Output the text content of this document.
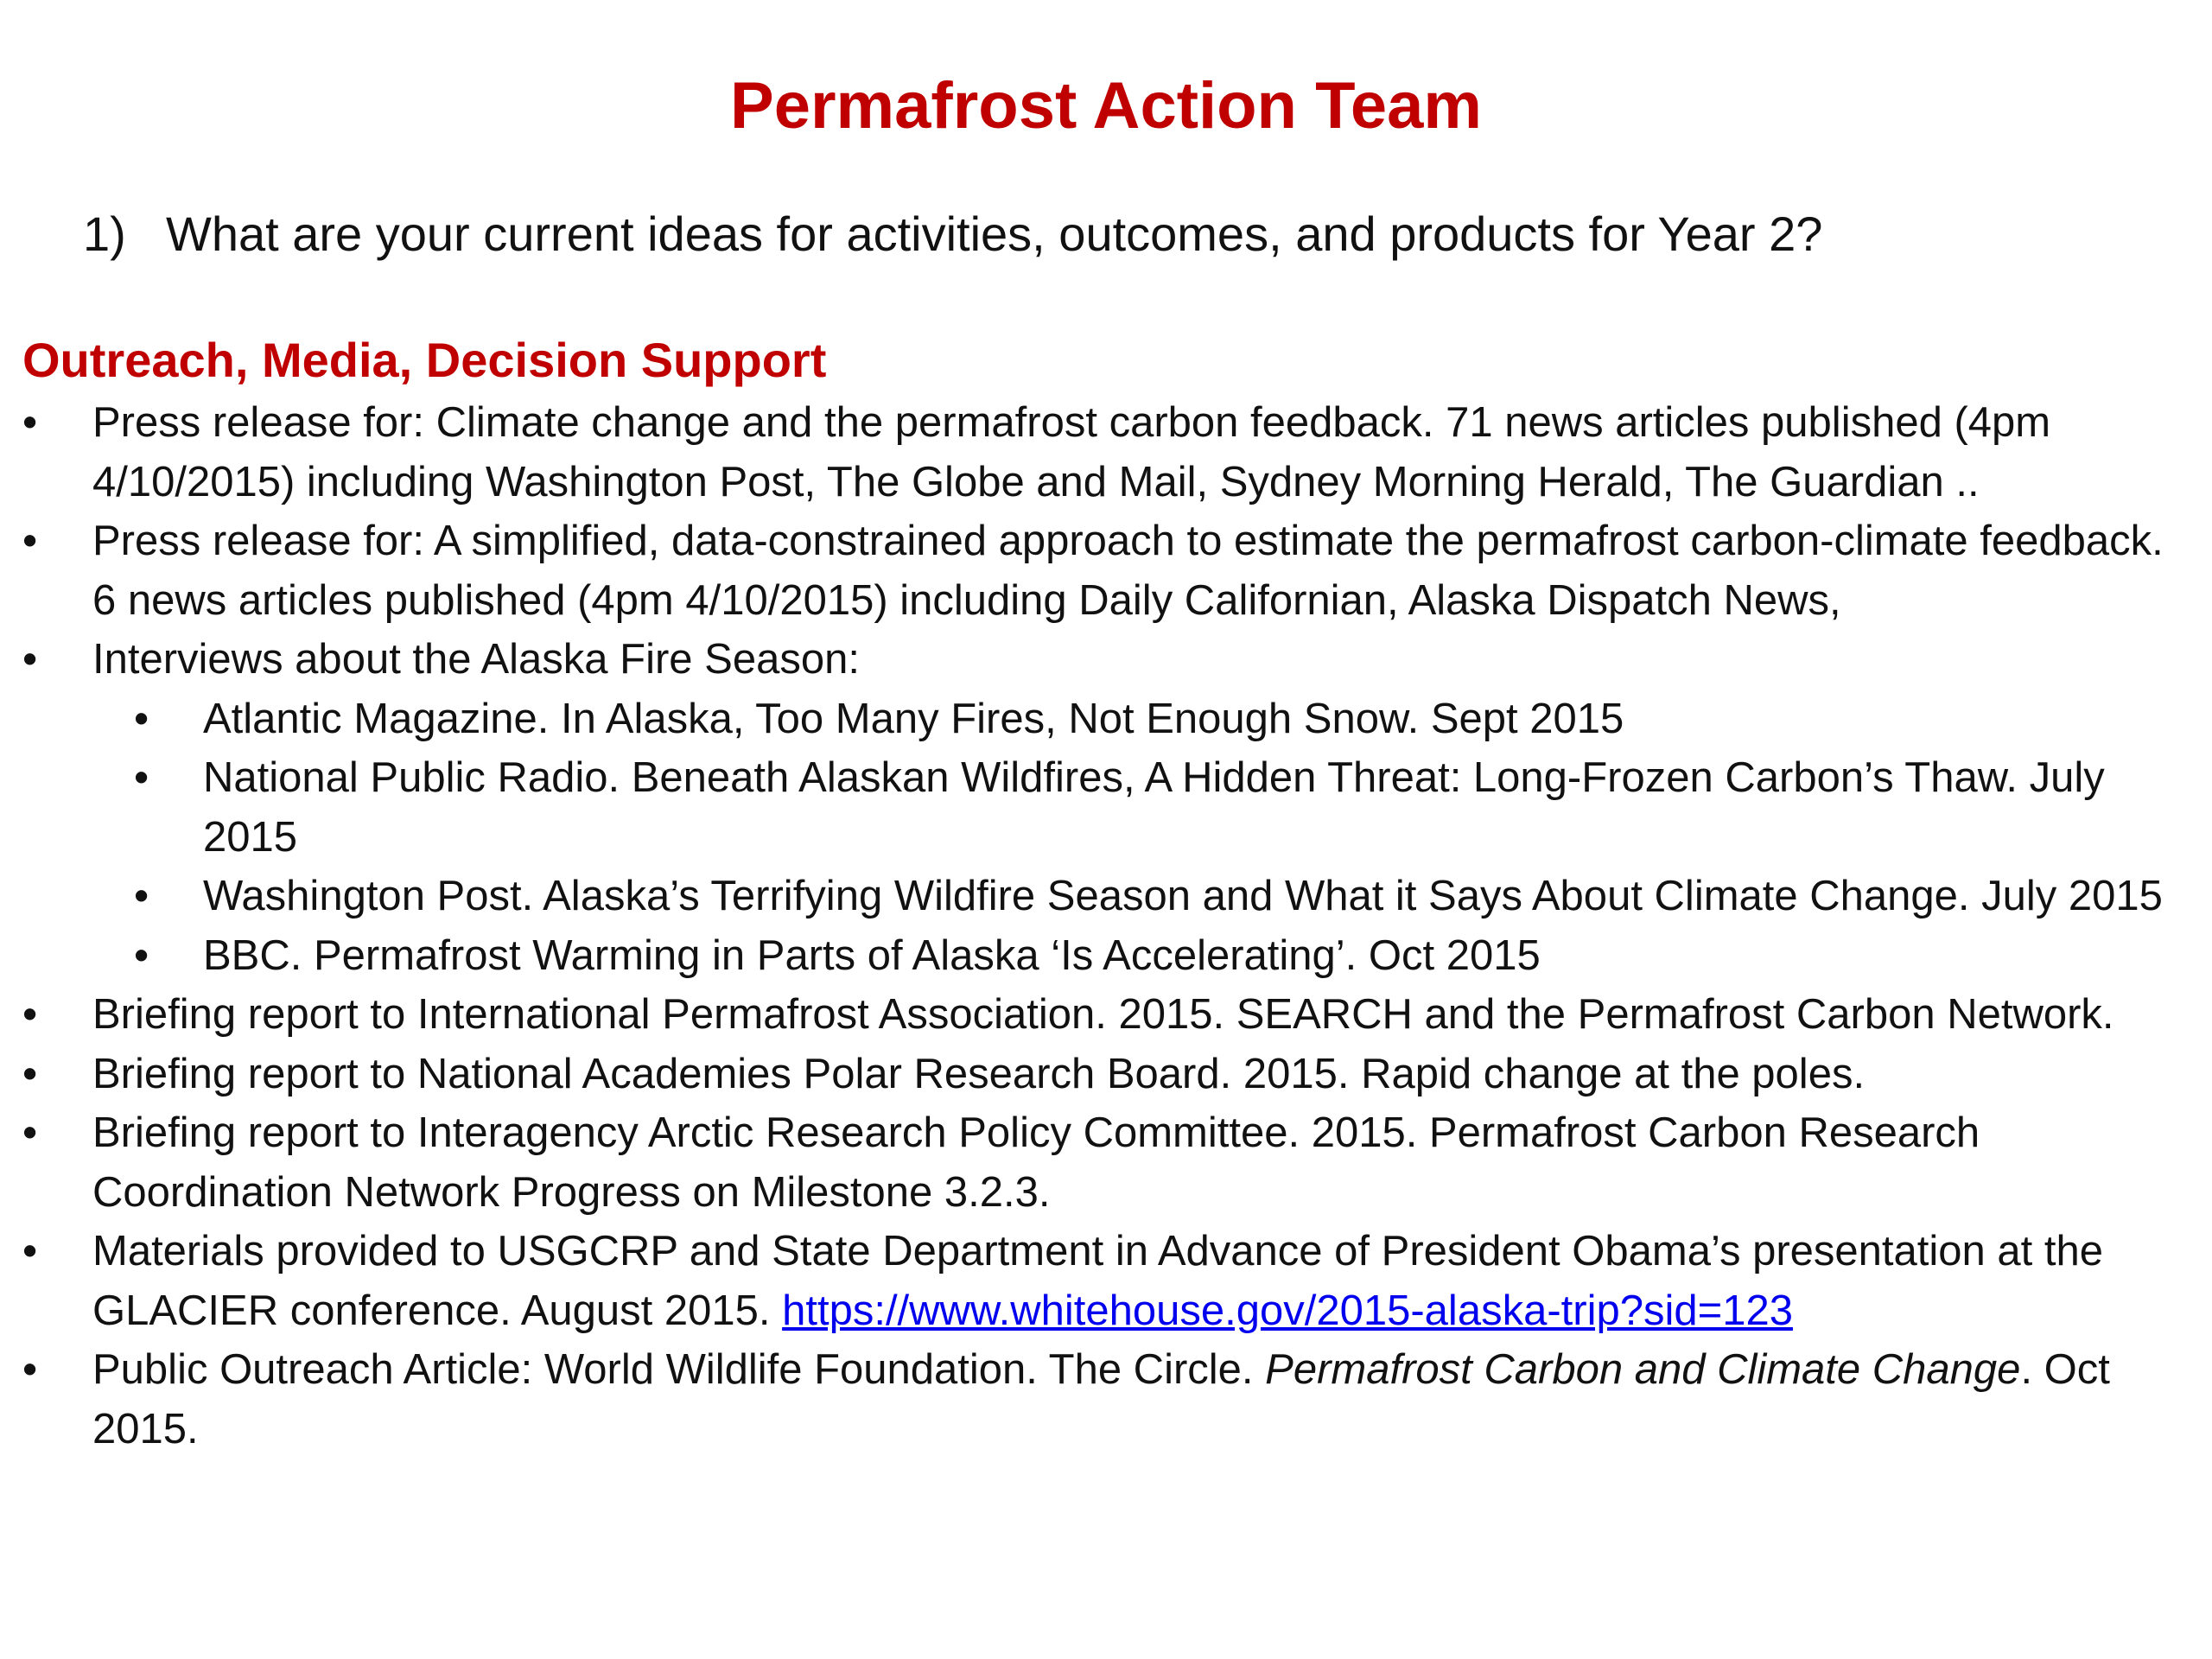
Permafrost Action Team
1) What are your current ideas for activities, outcomes, and products for Year 2?
Outreach, Media, Decision Support
•	Press release for: Climate change and the permafrost carbon feedback. 71 news articles published (4pm 4/10/2015) including Washington Post, The Globe and Mail, Sydney Morning Herald, The Guardian ..
•	Press release for: A simplified, data-constrained approach to estimate the permafrost carbon-climate feedback. 6 news articles published (4pm 4/10/2015) including Daily Californian, Alaska Dispatch News,
•	Interviews about the Alaska Fire Season:
•	Atlantic Magazine. In Alaska, Too Many Fires, Not Enough Snow. Sept 2015
•	National Public Radio. Beneath Alaskan Wildfires, A Hidden Threat: Long-Frozen Carbon’s Thaw. July 2015
•	Washington Post. Alaska’s Terrifying Wildfire Season and What it Says About Climate Change. July 2015
•	BBC. Permafrost Warming in Parts of Alaska ‘Is Accelerating’. Oct 2015
•	Briefing report to International Permafrost Association. 2015. SEARCH and the Permafrost Carbon Network.
•	Briefing report to National Academies Polar Research Board. 2015. Rapid change at the poles.
•	Briefing report to Interagency Arctic Research Policy Committee. 2015. Permafrost Carbon Research Coordination Network Progress on Milestone 3.2.3.
•	Materials provided to USGCRP and State Department in Advance of President Obama’s presentation at the GLACIER conference. August 2015. https://www.whitehouse.gov/2015-alaska-trip?sid=123
•	Public Outreach Article: World Wildlife Foundation. The Circle. Permafrost Carbon and Climate Change. Oct 2015.
